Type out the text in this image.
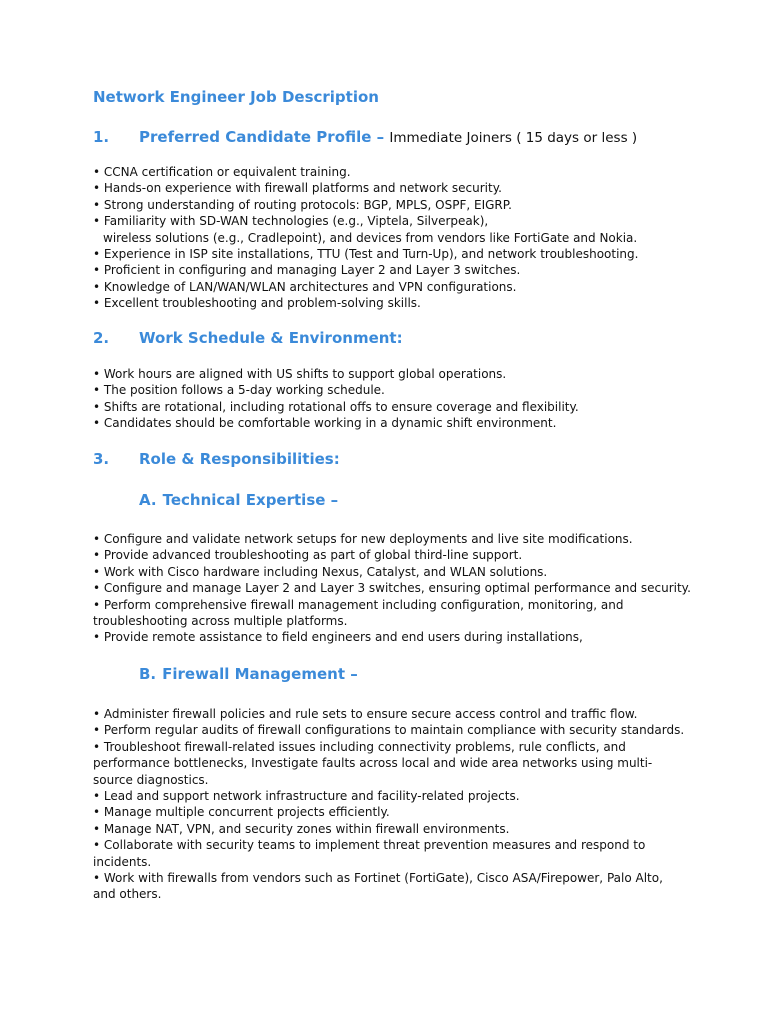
Network Engineer Job Description
1. Preferred Candidate Profile – Immediate Joiners ( 15 days or less )
• CCNA certification or equivalent training.
• Hands-on experience with firewall platforms and network security.
• Strong understanding of routing protocols: BGP, MPLS, OSPF, EIGRP.
• Familiarity with SD-WAN technologies (e.g., Viptela, Silverpeak),
wireless solutions (e.g., Cradlepoint), and devices from vendors like FortiGate and Nokia.
• Experience in ISP site installations, TTU (Test and Turn-Up), and network troubleshooting.
• Proficient in configuring and managing Layer 2 and Layer 3 switches.
• Knowledge of LAN/WAN/WLAN architectures and VPN configurations.
• Excellent troubleshooting and problem-solving skills.
2. Work Schedule & Environment:
• Work hours are aligned with US shifts to support global operations.
• The position follows a 5-day working schedule.
• Shifts are rotational, including rotational offs to ensure coverage and flexibility.
• Candidates should be comfortable working in a dynamic shift environment.
3. Role & Responsibilities:
A. Technical Expertise –
• Configure and validate network setups for new deployments and live site modifications.
• Provide advanced troubleshooting as part of global third-line support.
• Work with Cisco hardware including Nexus, Catalyst, and WLAN solutions.
• Configure and manage Layer 2 and Layer 3 switches, ensuring optimal performance and security.
• Perform comprehensive firewall management including configuration, monitoring, and troubleshooting across multiple platforms.
• Provide remote assistance to field engineers and end users during installations,
B. Firewall Management –
• Administer firewall policies and rule sets to ensure secure access control and traffic flow.
• Perform regular audits of firewall configurations to maintain compliance with security standards.
• Troubleshoot firewall-related issues including connectivity problems, rule conflicts, and performance bottlenecks, Investigate faults across local and wide area networks using multi-source diagnostics.
• Lead and support network infrastructure and facility-related projects.
• Manage multiple concurrent projects efficiently.
• Manage NAT, VPN, and security zones within firewall environments.
• Collaborate with security teams to implement threat prevention measures and respond to incidents.
• Work with firewalls from vendors such as Fortinet (FortiGate), Cisco ASA/Firepower, Palo Alto, and others.
